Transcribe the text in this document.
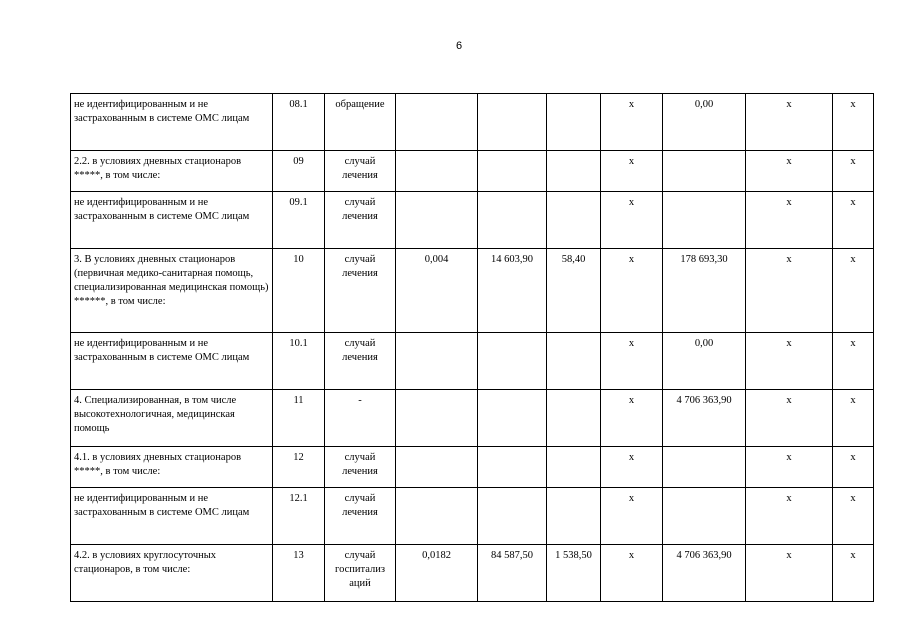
6
не идентифицированным и не застрахованным в системе ОМС лицам	08.1	обращение				х	0,00	х	х
2.2. в условиях дневных стационаров *****, в том числе:	09	случай лечения				х		х	х
не идентифицированным и не застрахованным в системе ОМС лицам	09.1	случай лечения				х		х	х
3. В условиях дневных стационаров (первичная медико-санитарная помощь, специализированная медицинская помощь) ******, в том числе:	10	случай лечения	0,004	14 603,90	58,40	х	178 693,30	х	х
не идентифицированным и не застрахованным в системе ОМС лицам	10.1	случай лечения				х	0,00	х	х
4. Специализированная, в том числе высокотехнологичная, медицинская помощь	11	-				х	4 706 363,90	х	х
4.1. в условиях дневных стационаров *****, в том числе:	12	случай лечения				х		х	х
не идентифицированным и не застрахованным в системе ОМС лицам	12.1	случай лечения				х		х	х
4.2. в условиях круглосуточных стационаров, в том числе:	13	случай госпитализ аций	0,0182	84 587,50	1 538,50	х	4 706 363,90	х	х
